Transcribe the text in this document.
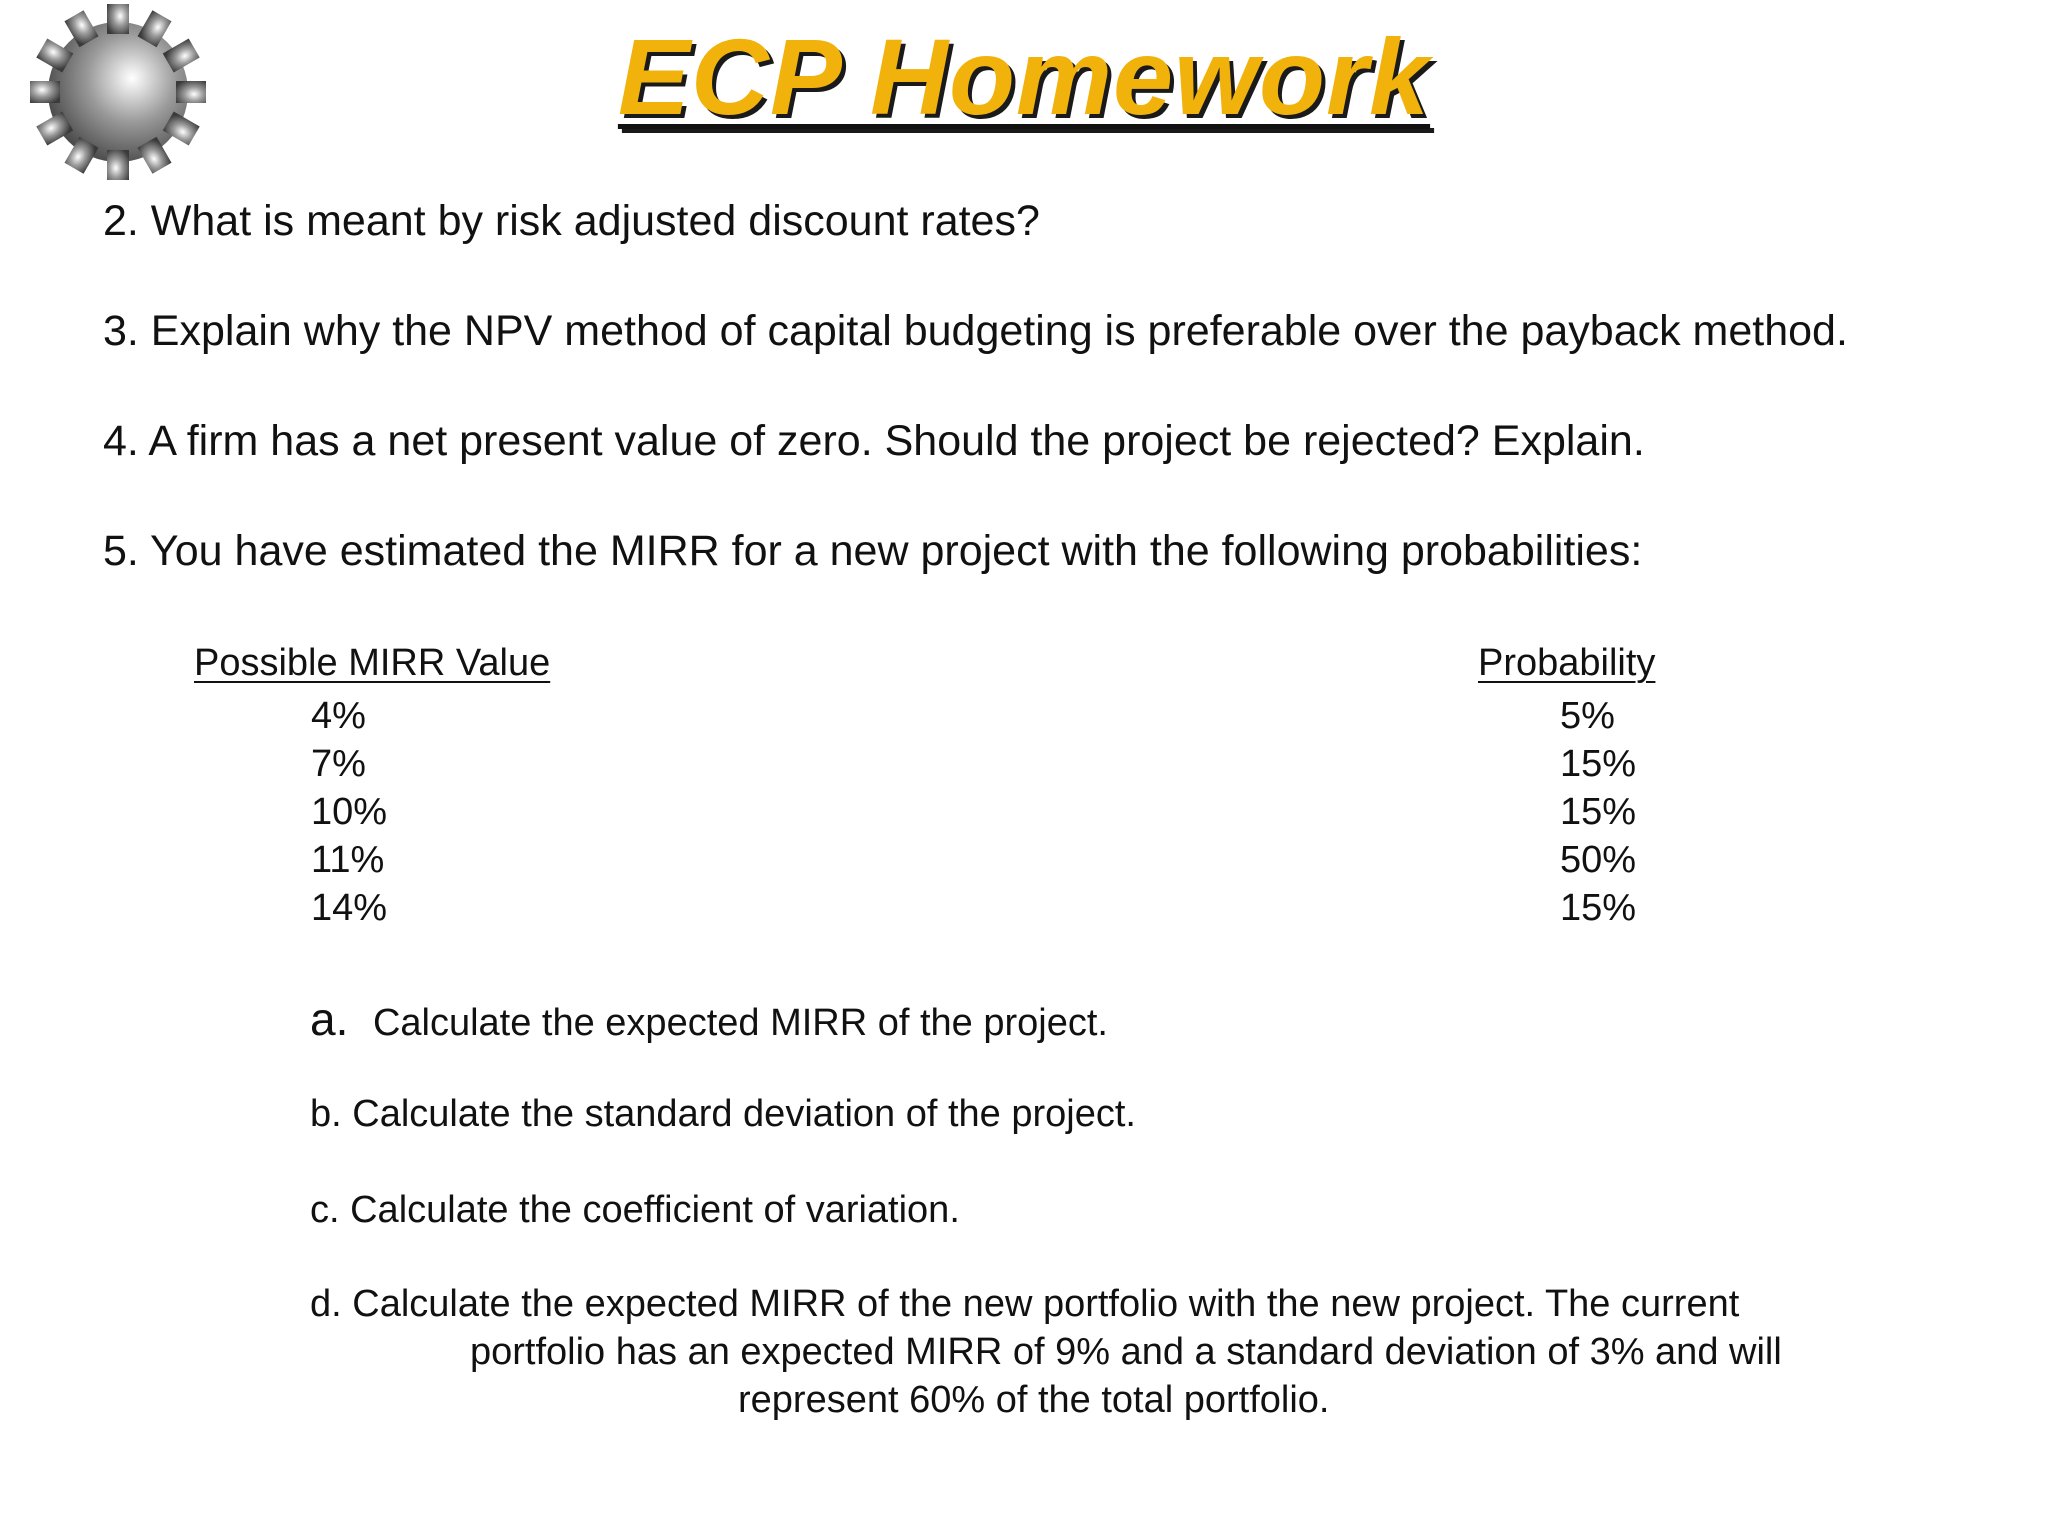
ECP Homework
2. What is meant by risk adjusted discount rates?
3. Explain why the NPV method of capital budgeting is preferable over the payback method.
4. A firm has a net present value of zero. Should the project be rejected? Explain.
5. You have estimated the MIRR for a new project with the following probabilities:
Possible MIRR Value	Probability
4%	5%
7%	15%
10%	15%
11%	50%
14%	15%
a. Calculate the expected MIRR of the project.
b. Calculate the standard deviation of the project.
c. Calculate the coefficient of variation.
d. Calculate the expected MIRR of the new portfolio with the new project. The current
portfolio has an expected MIRR of 9% and a standard deviation of 3% and will
represent 60% of the total portfolio.
